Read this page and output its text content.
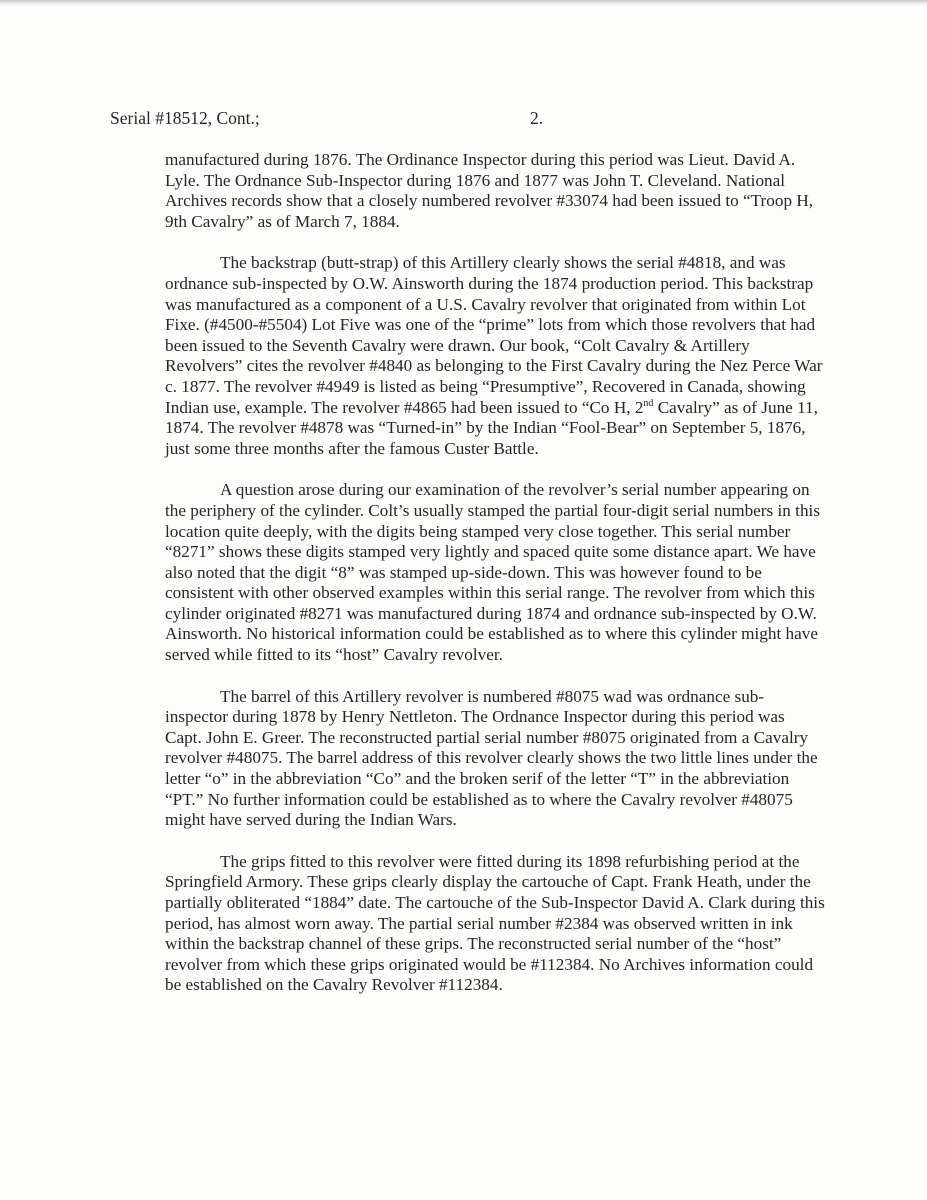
Serial #18512, Cont.;	2.

manufactured during 1876. The Ordinance Inspector during this period was Lieut. David A. Lyle. The Ordnance Sub-Inspector during 1876 and 1877 was John T. Cleveland. National Archives records show that a closely numbered revolver #33074 had been issued to “Troop H, 9th Cavalry” as of March 7, 1884.

The backstrap (butt-strap) of this Artillery clearly shows the serial #4818, and was ordnance sub-inspected by O.W. Ainsworth during the 1874 production period. This backstrap was manufactured as a component of a U.S. Cavalry revolver that originated from within Lot Fixe. (#4500-#5504) Lot Five was one of the “prime” lots from which those revolvers that had been issued to the Seventh Cavalry were drawn. Our book, “Colt Cavalry & Artillery Revolvers” cites the revolver #4840 as belonging to the First Cavalry during the Nez Perce War c. 1877. The revolver #4949 is listed as being “Presumptive”, Recovered in Canada, showing Indian use, example. The revolver #4865 had been issued to “Co H, 2nd Cavalry” as of June 11, 1874. The revolver #4878 was “Turned-in” by the Indian “Fool-Bear” on September 5, 1876, just some three months after the famous Custer Battle.

A question arose during our examination of the revolver’s serial number appearing on the periphery of the cylinder. Colt’s usually stamped the partial four-digit serial numbers in this location quite deeply, with the digits being stamped very close together. This serial number “8271” shows these digits stamped very lightly and spaced quite some distance apart. We have also noted that the digit “8” was stamped up-side-down. This was however found to be consistent with other observed examples within this serial range. The revolver from which this cylinder originated #8271 was manufactured during 1874 and ordnance sub-inspected by O.W. Ainsworth. No historical information could be established as to where this cylinder might have served while fitted to its “host” Cavalry revolver.

The barrel of this Artillery revolver is numbered #8075 wad was ordnance sub-inspector during 1878 by Henry Nettleton. The Ordnance Inspector during this period was Capt. John E. Greer. The reconstructed partial serial number #8075 originated from a Cavalry revolver #48075. The barrel address of this revolver clearly shows the two little lines under the letter “o” in the abbreviation “Co” and the broken serif of the letter “T” in the abbreviation “PT.” No further information could be established as to where the Cavalry revolver #48075 might have served during the Indian Wars.

The grips fitted to this revolver were fitted during its 1898 refurbishing period at the Springfield Armory. These grips clearly display the cartouche of Capt. Frank Heath, under the partially obliterated “1884” date. The cartouche of the Sub-Inspector David A. Clark during this period, has almost worn away. The partial serial number #2384 was observed written in ink within the backstrap channel of these grips. The reconstructed serial number of the “host” revolver from which these grips originated would be #112384. No Archives information could be established on the Cavalry Revolver #112384.
